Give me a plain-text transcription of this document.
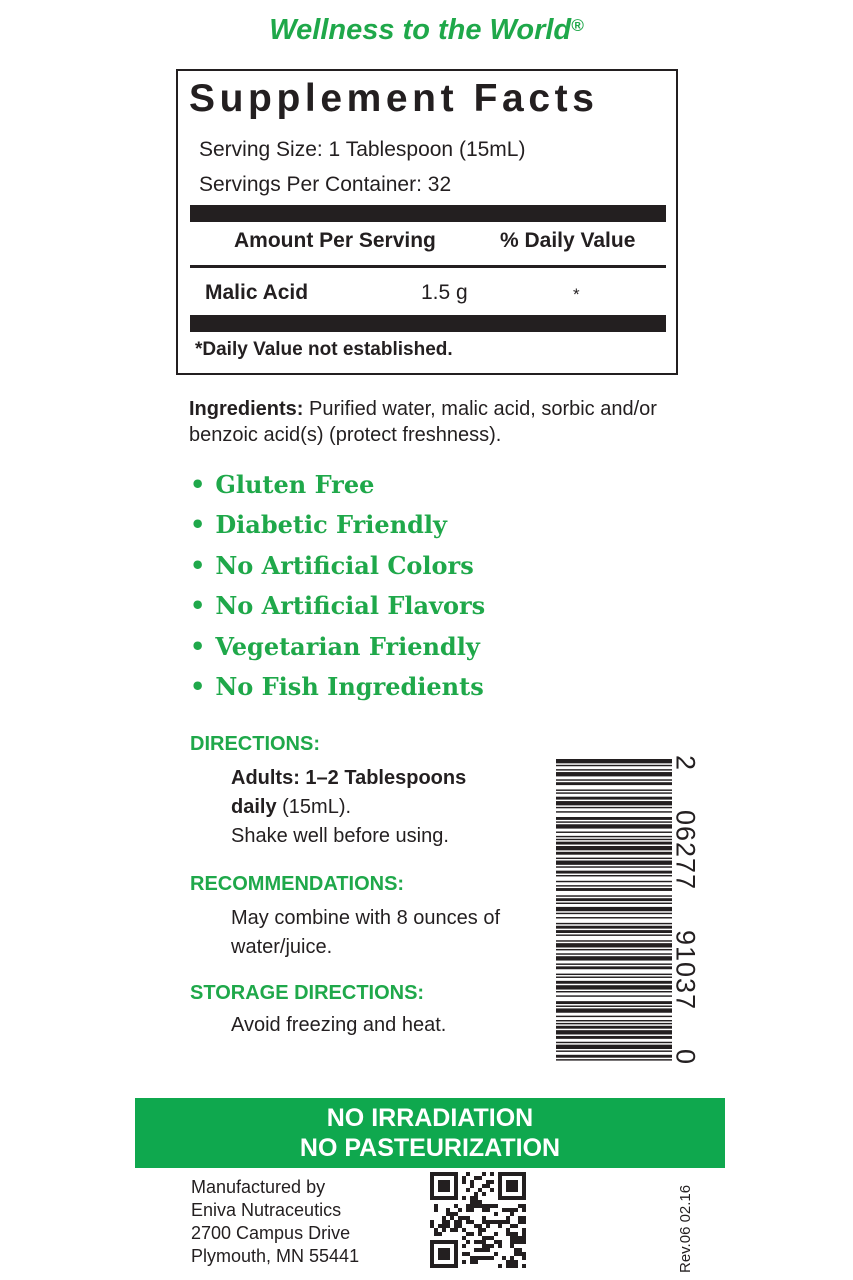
Wellness to the World®
Supplement Facts
Serving Size: 1 Tablespoon (15mL)
Servings Per Container: 32
Amount Per Serving	% Daily Value
Malic Acid	1.5 g	*
*Daily Value not established.
Ingredients: Purified water, malic acid, sorbic and/or benzoic acid(s) (protect freshness).
• Gluten Free
• Diabetic Friendly
• No Artificial Colors
• No Artificial Flavors
• Vegetarian Friendly
• No Fish Ingredients
DIRECTIONS:
Adults: 1–2 Tablespoons daily (15mL).
Shake well before using.
RECOMMENDATIONS:
May combine with 8 ounces of water/juice.
STORAGE DIRECTIONS:
Avoid freezing and heat.
2
06277
91037
0
NO IRRADIATION
NO PASTEURIZATION
Manufactured by
Eniva Nutraceutics
2700 Campus Drive
Plymouth, MN 55441	Rev.06 02.16
